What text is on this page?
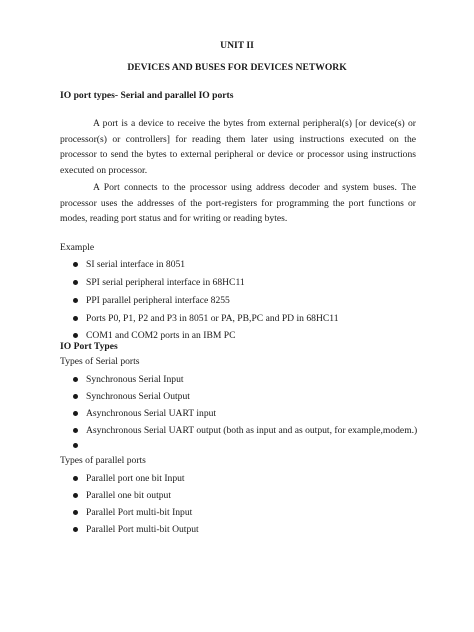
UNIT II
DEVICES AND BUSES FOR DEVICES NETWORK
IO port types- Serial and parallel IO ports
A port is a device to receive the bytes from external peripheral(s) [or device(s) or processor(s) or controllers] for reading them later using instructions executed on the processor to send the bytes to external peripheral or device or processor using instructions executed on processor.
A Port connects to the processor using address decoder and system buses. The processor uses the addresses of the port-registers for programming the port functions or modes, reading port status and for writing or reading bytes.
Example
SI serial interface in 8051
SPI serial peripheral interface in 68HC11
PPI parallel peripheral interface 8255
Ports P0, P1, P2 and P3 in 8051 or PA, PB,PC and PD in 68HC11
COM1 and COM2 ports in an IBM PC
IO Port Types
Types of Serial ports
Synchronous Serial Input
Synchronous Serial Output
Asynchronous Serial UART input
Asynchronous Serial UART output (both as input and as output, for example,modem.)
Types of parallel ports
Parallel port one bit Input
Parallel one bit output
Parallel Port multi-bit Input
Parallel Port multi-bit Output
